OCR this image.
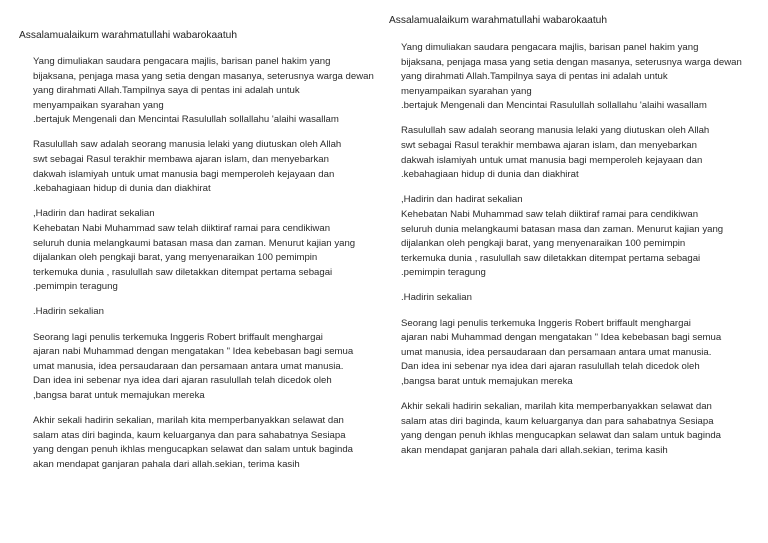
Assalamualaikum warahmatullahi wabarokaatuh

Yang dimuliakan saudara pengacara majlis, barisan panel hakim yang
bijaksana, penjaga masa yang setia dengan masanya, seterusnya warga dewan
yang dirahmati Allah.Tampilnya saya di pentas ini adalah untuk
menyampaikan syarahan yang
.bertajuk Mengenali dan Mencintai Rasulullah sollallahu 'alaihi wasallam

Rasulullah saw adalah seorang manusia lelaki yang diutuskan oleh Allah
swt sebagai Rasul terakhir membawa ajaran islam, dan menyebarkan
dakwah islamiyah untuk umat manusia bagi memperoleh kejayaan dan
.kebahagiaan hidup di dunia dan diakhirat

,Hadirin dan hadirat sekalian
Kehebatan Nabi Muhammad saw telah diiktiraf ramai para cendikiwan
seluruh dunia melangkaumi batasan masa dan zaman. Menurut kajian yang
dijalankan oleh pengkaji barat, yang menyenaraikan 100 pemimpin
terkemuka dunia , rasulullah saw diletakkan ditempat pertama sebagai
.pemimpin teragung

.Hadirin sekalian

Seorang lagi penulis terkemuka Inggeris Robert briffault menghargai
ajaran nabi Muhammad dengan mengatakan " Idea kebebasan bagi semua
umat manusia, idea persaudaraan dan persamaan antara umat manusia.
Dan idea ini sebenar nya idea dari ajaran rasulullah telah dicedok oleh
,bangsa barat untuk memajukan mereka

Akhir sekali hadirin sekalian, marilah kita memperbanyakkan selawat dan
salam atas diri baginda, kaum keluarganya dan para sahabatnya Sesiapa
yang dengan penuh ikhlas mengucapkan selawat dan salam untuk baginda
akan mendapat ganjaran pahala dari allah.sekian, terima kasih

Assalamualaikum warahmatullahi wabarokaatuh

Yang dimuliakan saudara pengacara majlis, barisan panel hakim yang
bijaksana, penjaga masa yang setia dengan masanya, seterusnya warga dewan
yang dirahmati Allah.Tampilnya saya di pentas ini adalah untuk
menyampaikan syarahan yang
.bertajuk Mengenali dan Mencintai Rasulullah sollallahu 'alaihi wasallam

Rasulullah saw adalah seorang manusia lelaki yang diutuskan oleh Allah
swt sebagai Rasul terakhir membawa ajaran islam, dan menyebarkan
dakwah islamiyah untuk umat manusia bagi memperoleh kejayaan dan
.kebahagiaan hidup di dunia dan diakhirat

,Hadirin dan hadirat sekalian
Kehebatan Nabi Muhammad saw telah diiktiraf ramai para cendikiwan
seluruh dunia melangkaumi batasan masa dan zaman. Menurut kajian yang
dijalankan oleh pengkaji barat, yang menyenaraikan 100 pemimpin
terkemuka dunia , rasulullah saw diletakkan ditempat pertama sebagai
.pemimpin teragung

.Hadirin sekalian

Seorang lagi penulis terkemuka Inggeris Robert briffault menghargai
ajaran nabi Muhammad dengan mengatakan " Idea kebebasan bagi semua
umat manusia, idea persaudaraan dan persamaan antara umat manusia.
Dan idea ini sebenar nya idea dari ajaran rasulullah telah dicedok oleh
,bangsa barat untuk memajukan mereka

Akhir sekali hadirin sekalian, marilah kita memperbanyakkan selawat dan
salam atas diri baginda, kaum keluarganya dan para sahabatnya Sesiapa
yang dengan penuh ikhlas mengucapkan selawat dan salam untuk baginda
akan mendapat ganjaran pahala dari allah.sekian, terima kasih
